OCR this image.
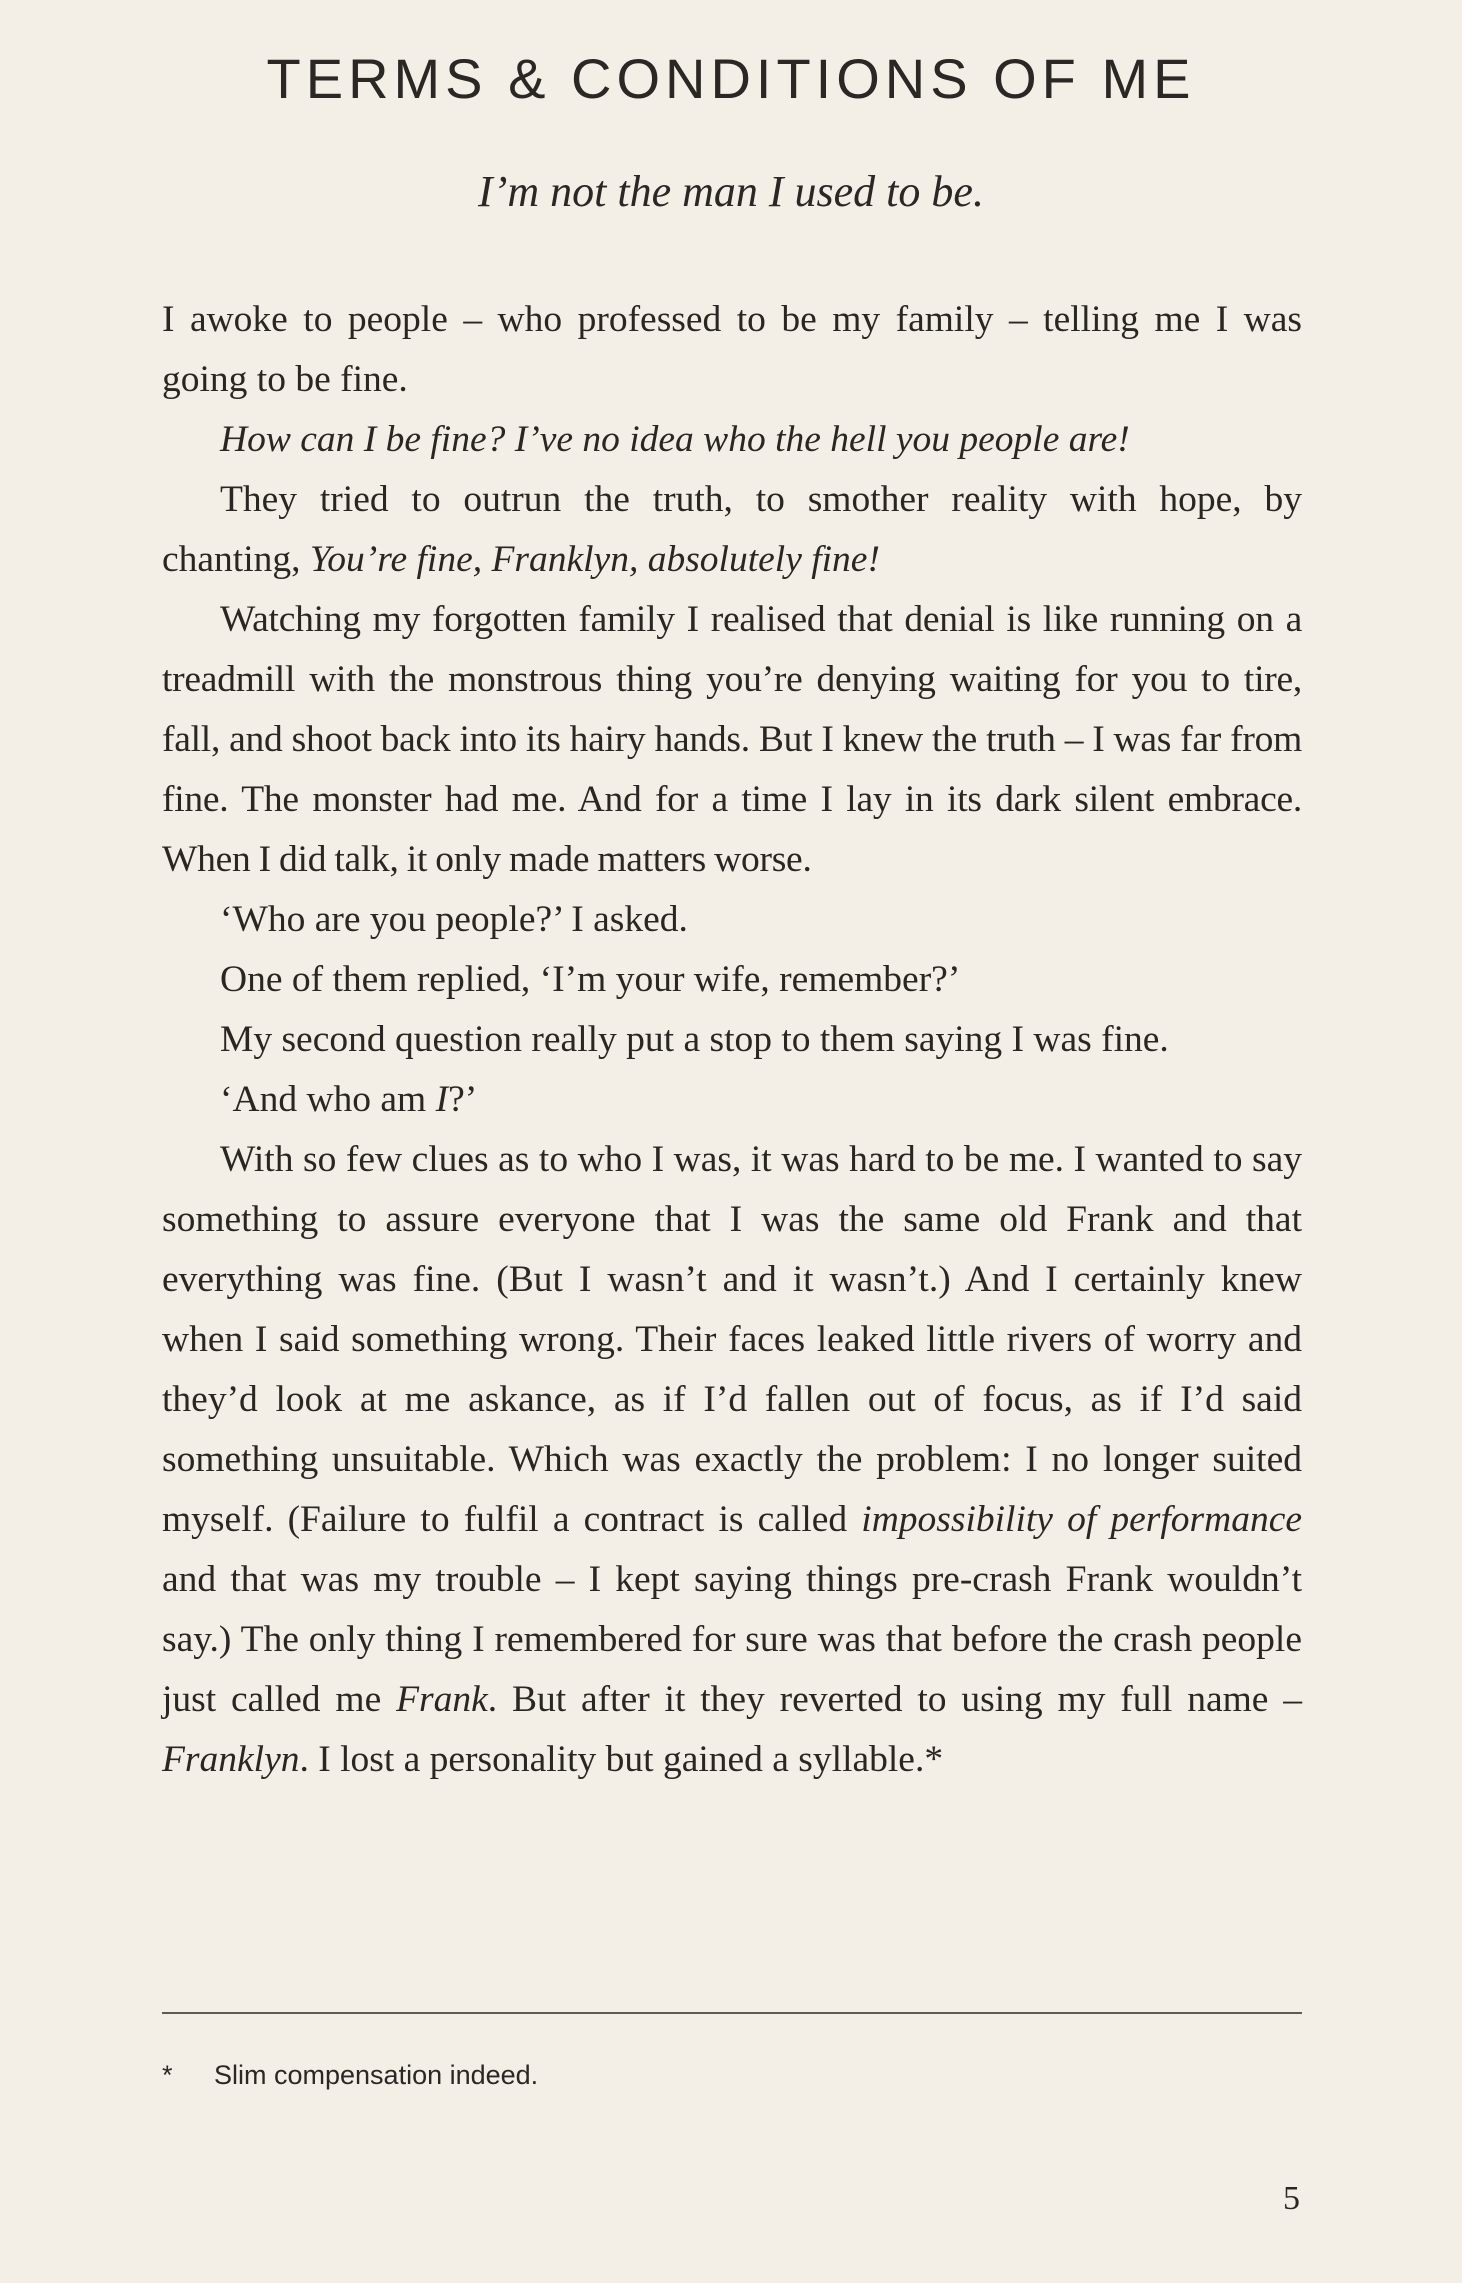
TERMS & CONDITIONS OF ME
I’m not the man I used to be.

I awoke to people – who professed to be my family – telling me I was going to be fine.

How can I be fine? I’ve no idea who the hell you people are!

They tried to outrun the truth, to smother reality with hope, by chanting, You’re fine, Franklyn, absolutely fine!

Watching my forgotten family I realised that denial is like running on a treadmill with the monstrous thing you’re denying waiting for you to tire, fall, and shoot back into its hairy hands. But I knew the truth – I was far from fine. The monster had me. And for a time I lay in its dark silent embrace. When I did talk, it only made matters worse.

‘Who are you people?’ I asked.

One of them replied, ‘I’m your wife, remember?’

My second question really put a stop to them saying I was fine.

‘And who am I?’

With so few clues as to who I was, it was hard to be me. I wanted to say something to assure everyone that I was the same old Frank and that everything was fine. (But I wasn’t and it wasn’t.) And I certainly knew when I said something wrong. Their faces leaked little rivers of worry and they’d look at me askance, as if I’d fallen out of focus, as if I’d said something unsuitable. Which was exactly the problem: I no longer suited myself. (Failure to fulfil a contract is called impossibility of performance and that was my trouble – I kept saying things pre-crash Frank wouldn’t say.) The only thing I remembered for sure was that before the crash people just called me Frank. But after it they reverted to using my full name – Franklyn. I lost a personality but gained a syllable.*

* Slim compensation indeed.
5
